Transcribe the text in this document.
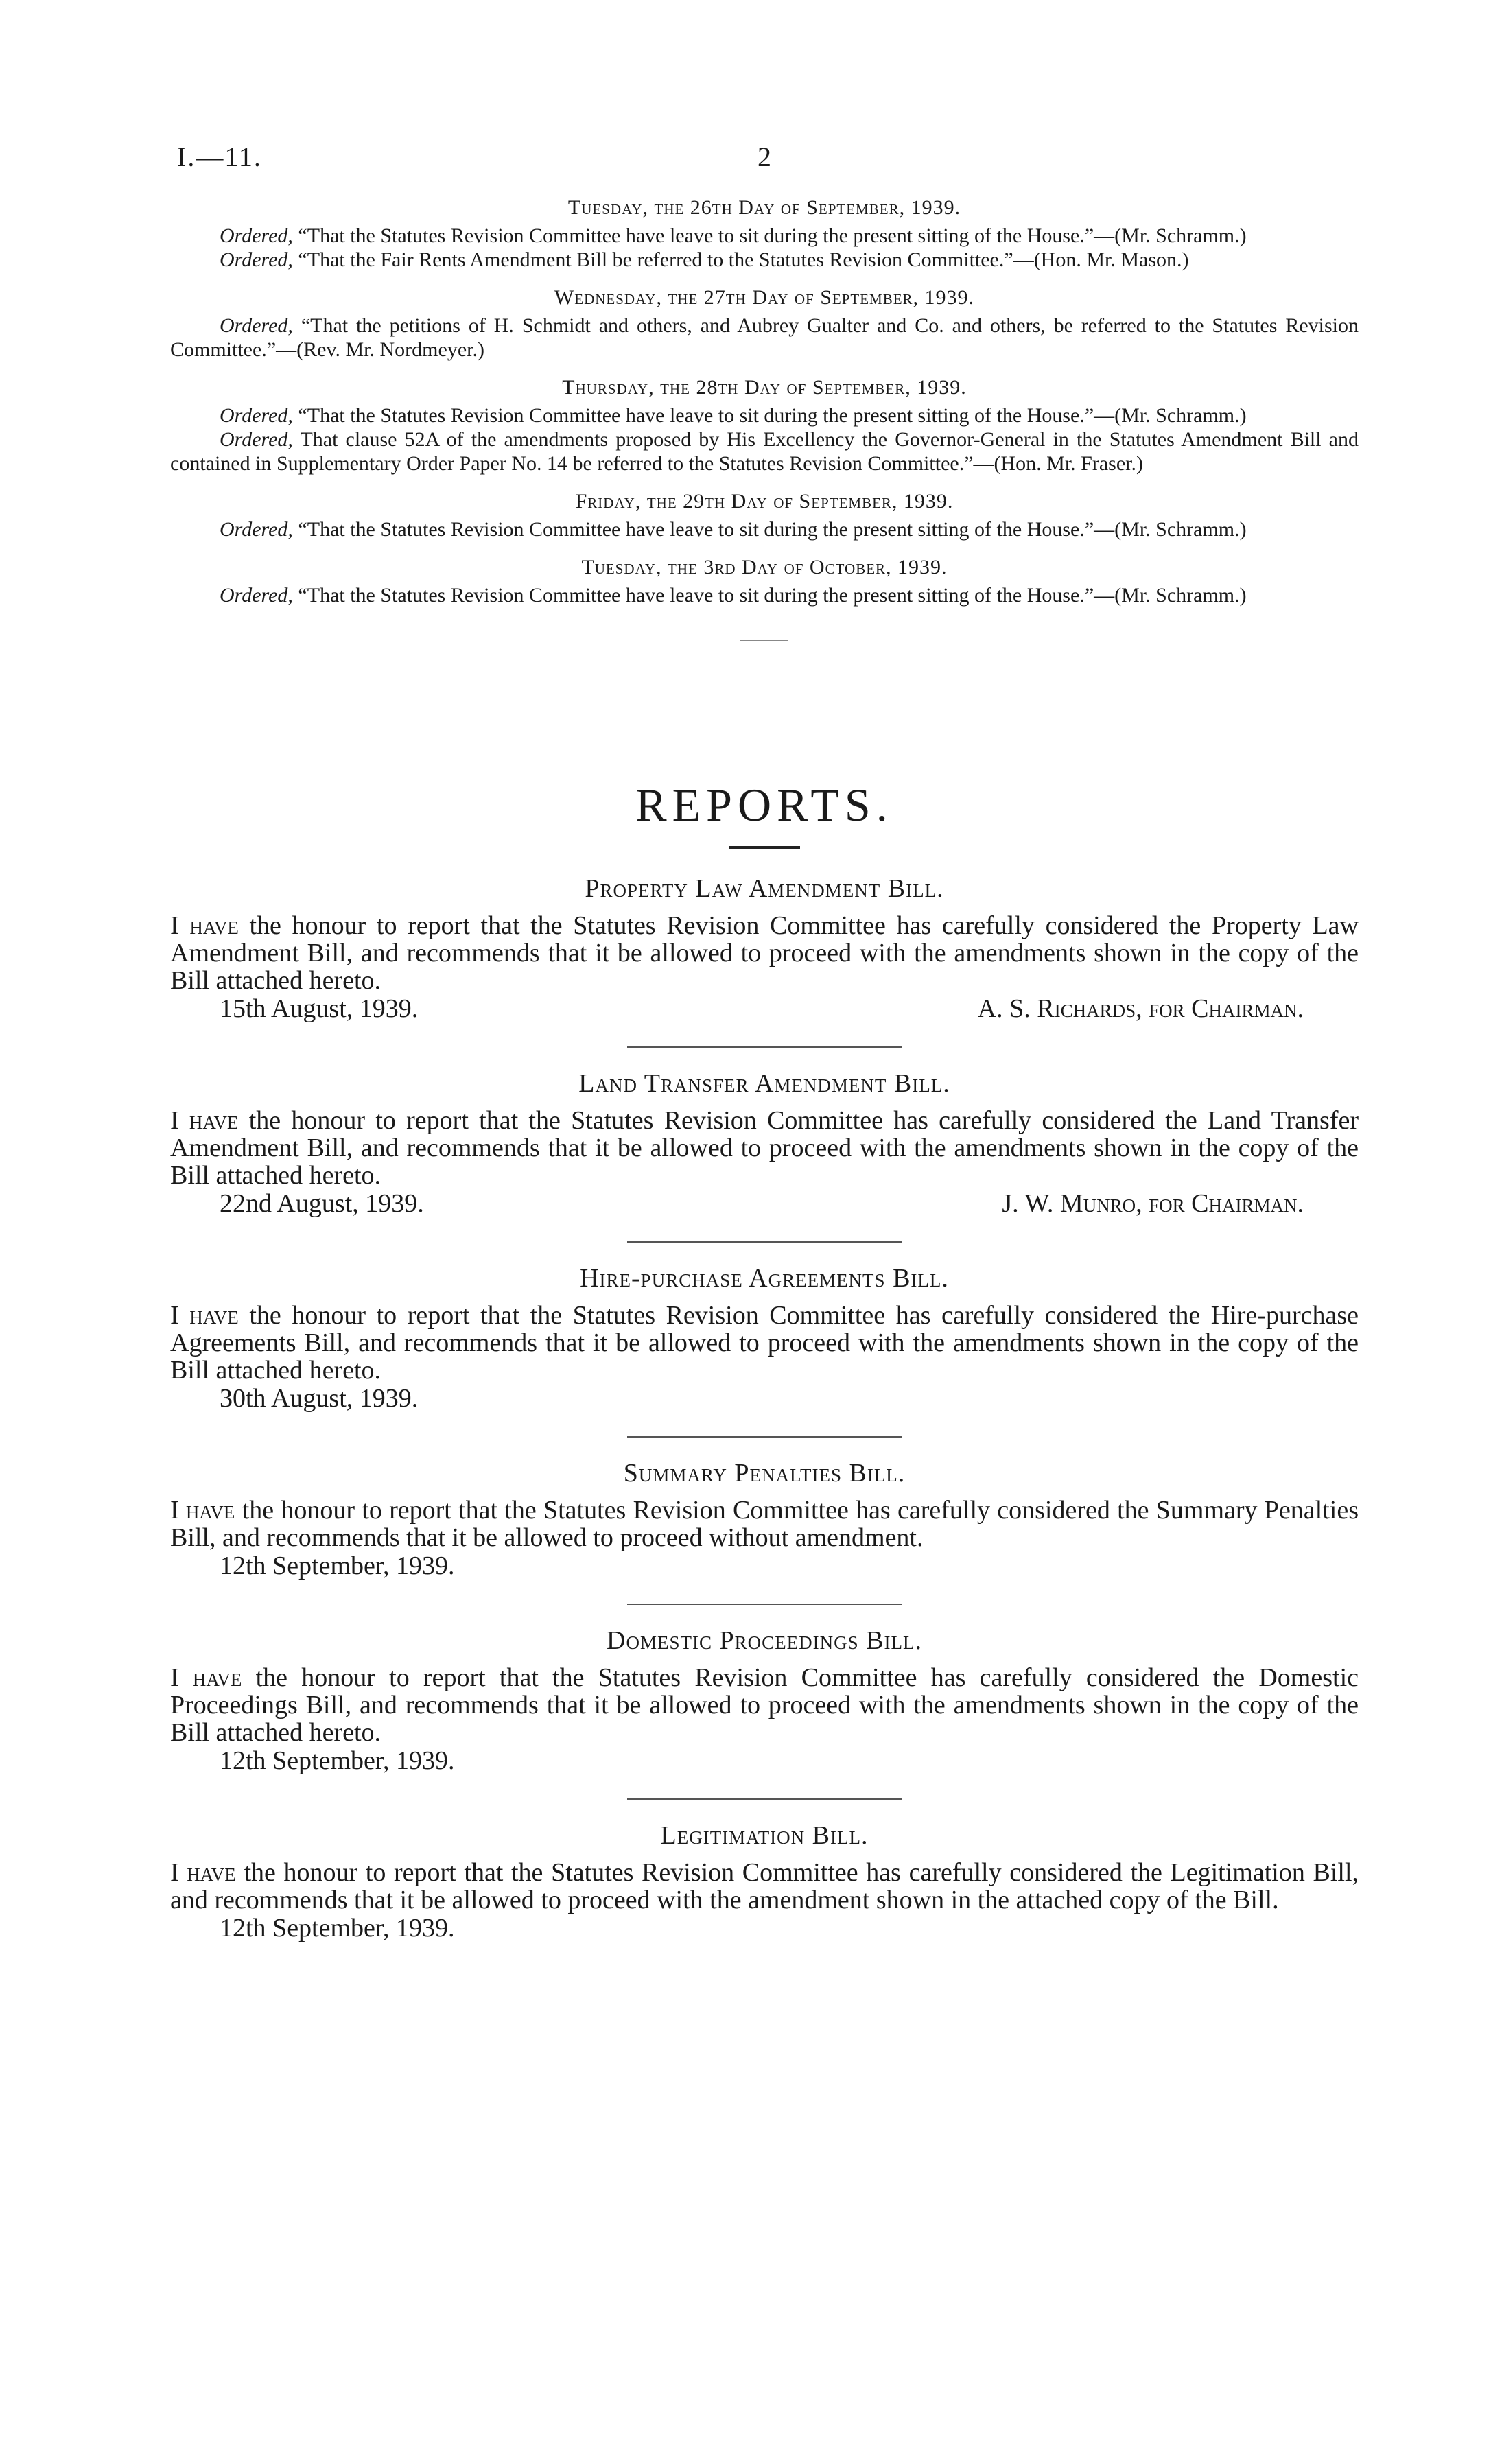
I.—11.	2
Tuesday, the 26th Day of September, 1939.

Ordered, “That the Statutes Revision Committee have leave to sit during the present sitting of the House.”—(Mr. Schramm.)

Ordered, “That the Fair Rents Amendment Bill be referred to the Statutes Revision Committee.”—(Hon. Mr. Mason.)

Wednesday, the 27th Day of September, 1939.

Ordered, “That the petitions of H. Schmidt and others, and Aubrey Gualter and Co. and others, be referred to the Statutes Revision Committee.”—(Rev. Mr. Nordmeyer.)

Thursday, the 28th Day of September, 1939.

Ordered, “That the Statutes Revision Committee have leave to sit during the present sitting of the House.”—(Mr. Schramm.)

Ordered, That clause 52A of the amendments proposed by His Excellency the Governor-General in the Statutes Amendment Bill and contained in Supplementary Order Paper No. 14 be referred to the Statutes Revision Committee.”—(Hon. Mr. Fraser.)

Friday, the 29th Day of September, 1939.

Ordered, “That the Statutes Revision Committee have leave to sit during the present sitting of the House.”—(Mr. Schramm.)

Tuesday, the 3rd Day of October, 1939.

Ordered, “That the Statutes Revision Committee have leave to sit during the present sitting of the House.”—(Mr. Schramm.)

REPORTS.
Property Law Amendment Bill.

I have the honour to report that the Statutes Revision Committee has carefully considered the Property Law Amendment Bill, and recommends that it be allowed to proceed with the amendments shown in the copy of the Bill attached hereto.

15th August, 1939.	A. S. Richards, for Chairman.
Land Transfer Amendment Bill.

I have the honour to report that the Statutes Revision Committee has carefully considered the Land Transfer Amendment Bill, and recommends that it be allowed to proceed with the amendments shown in the copy of the Bill attached hereto.

22nd August, 1939.	J. W. Munro, for Chairman.
Hire-purchase Agreements Bill.

I have the honour to report that the Statutes Revision Committee has carefully considered the Hire-purchase Agreements Bill, and recommends that it be allowed to proceed with the amendments shown in the copy of the Bill attached hereto.

30th August, 1939.
Summary Penalties Bill.

I have the honour to report that the Statutes Revision Committee has carefully considered the Summary Penalties Bill, and recommends that it be allowed to proceed without amendment.

12th September, 1939.
Domestic Proceedings Bill.

I have the honour to report that the Statutes Revision Committee has carefully considered the Domestic Proceedings Bill, and recommends that it be allowed to proceed with the amendments shown in the copy of the Bill attached hereto.

12th September, 1939.
Legitimation Bill.

I have the honour to report that the Statutes Revision Committee has carefully considered the Legitimation Bill, and recommends that it be allowed to proceed with the amendment shown in the attached copy of the Bill.

12th September, 1939.
